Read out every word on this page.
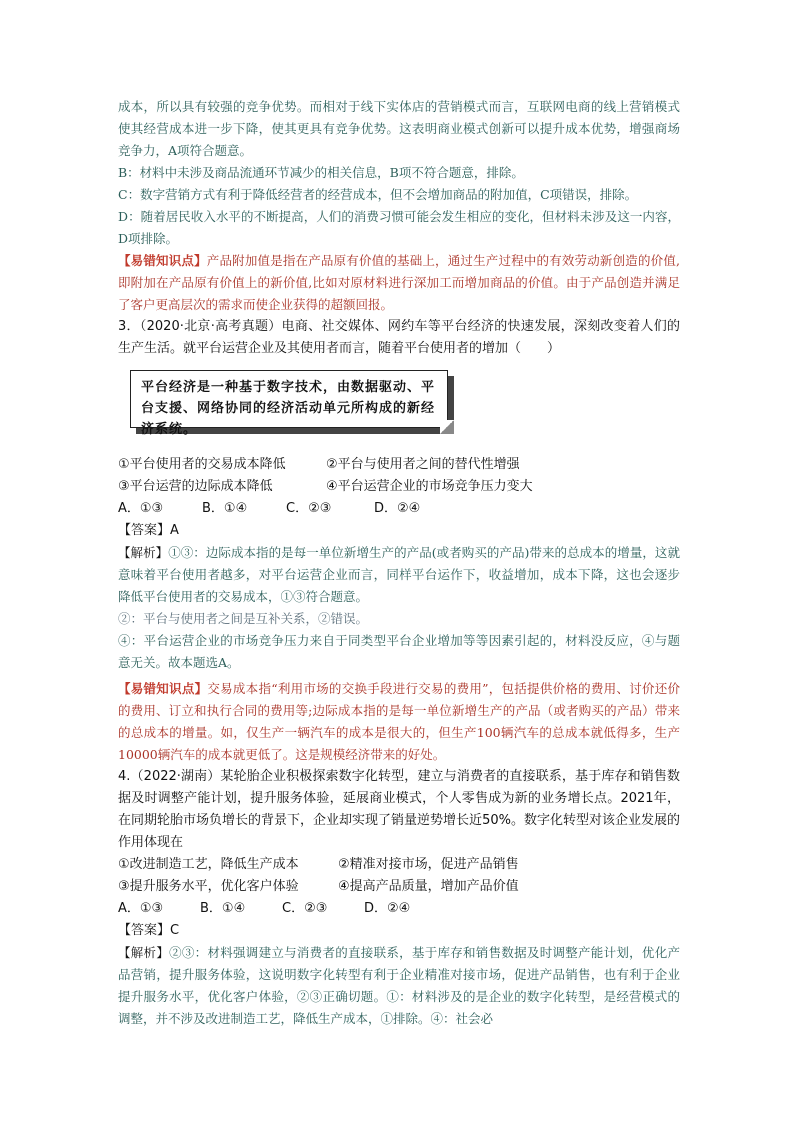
成本，所以具有较强的竞争优势。而相对于线下实体店的营销模式而言，互联网电商的线上营销模式使其经营成本进一步下降，使其更具有竞争优势。这表明商业模式创新可以提升成本优势，增强商场竞争力，A项符合题意。

B：材料中未涉及商品流通环节减少的相关信息，B项不符合题意，排除。

C：数字营销方式有利于降低经营者的经营成本，但不会增加商品的附加值，C项错误，排除。

D：随着居民收入水平的不断提高，人们的消费习惯可能会发生相应的变化，但材料未涉及这一内容，D项排除。

【易错知识点】产品附加值是指在产品原有价值的基础上，通过生产过程中的有效劳动新创造的价值,即附加在产品原有价值上的新价值,比如对原材料进行深加工而增加商品的价值。由于产品创造并满足了客户更高层次的需求而使企业获得的超额回报。

3．（2020·北京·高考真题）电商、社交媒体、网约车等平台经济的快速发展，深刻改变着人们的生产生活。就平台运营企业及其使用者而言，随着平台使用者的增加（　　）

平台经济是一种基于数字技术，由数据驱动、平台支援、网络协同的经济活动单元所构成的新经济系统。

①平台使用者的交易成本降低	②平台与使用者之间的替代性增强

③平台运营的边际成本降低	④平台运营企业的市场竞争压力变大

A．①③	B．①④	C．②③	D．②④

【答案】A

【解析】①③：边际成本指的是每一单位新增生产的产品(或者购买的产品)带来的总成本的增量，这就意味着平台使用者越多，对平台运营企业而言，同样平台运作下，收益增加，成本下降，这也会逐步降低平台使用者的交易成本，①③符合题意。

②：平台与使用者之间是互补关系，②错误。

④：平台运营企业的市场竞争压力来自于同类型平台企业增加等等因素引起的，材料没反应，④与题意无关。故本题选A。

【易错知识点】交易成本指“利用市场的交换手段进行交易的费用”，包括提供价格的费用、讨价还价的费用、订立和执行合同的费用等;边际成本指的是每一单位新增生产的产品（或者购买的产品）带来的总成本的增量。如，仅生产一辆汽车的成本是很大的，但生产100辆汽车的总成本就低得多，生产10000辆汽车的成本就更低了。这是规模经济带来的好处。

4.（2022·湖南）某轮胎企业积极探索数字化转型，建立与消费者的直接联系，基于库存和销售数据及时调整产能计划，提升服务体验，延展商业模式，个人零售成为新的业务增长点。2021年，在同期轮胎市场负增长的背景下，企业却实现了销量逆势增长近50%。数字化转型对该企业发展的作用体现在

①改进制造工艺，降低生产成本	②精准对接市场，促进产品销售

③提升服务水平，优化客户体验	④提高产品质量，增加产品价值

A．①③	B．①④	C．②③	D．②④

【答案】C

【解析】②③：材料强调建立与消费者的直接联系，基于库存和销售数据及时调整产能计划，优化产品营销，提升服务体验，这说明数字化转型有利于企业精准对接市场，促进产品销售，也有利于企业提升服务水平，优化客户体验，②③正确切题。①：材料涉及的是企业的数字化转型，是经营模式的调整，并不涉及改进制造工艺，降低生产成本，①排除。④：社会必
